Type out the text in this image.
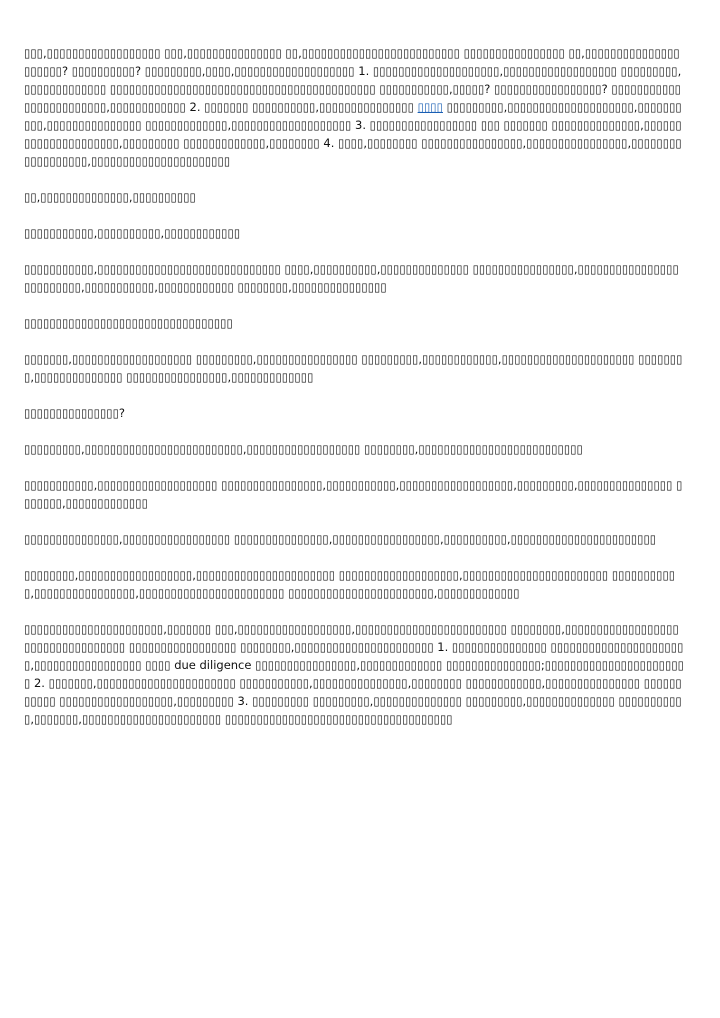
▯▯▯,▯▯▯▯▯▯▯▯▯▯▯▯▯▯▯▯▯▯ ▯▯▯,▯▯▯▯▯▯▯▯▯▯▯▯▯▯▯ ▯▯,▯▯▯▯▯▯▯▯▯▯▯▯▯▯▯▯▯▯▯▯▯▯▯▯▯ ▯▯▯▯▯▯▯▯▯▯▯▯▯▯▯▯ ▯▯,▯▯▯▯▯▯▯▯▯▯▯▯▯▯▯▯▯▯▯▯▯? ▯▯▯▯▯▯▯▯▯▯? ▯▯▯▯▯▯▯▯▯,▯▯▯▯,▯▯▯▯▯▯▯▯▯▯▯▯▯▯▯▯▯▯▯ 1. ▯▯▯▯▯▯▯▯▯▯▯▯▯▯▯▯▯▯▯▯,▯▯▯▯▯▯▯▯▯▯▯▯▯▯▯▯▯▯ ▯▯▯▯▯▯▯▯▯,▯▯▯▯▯▯▯▯▯▯▯▯▯ ▯▯▯▯▯▯▯▯▯▯▯▯▯▯▯▯▯▯▯▯▯▯▯▯▯▯▯▯▯▯▯▯▯▯▯▯▯▯▯▯▯▯ ▯▯▯▯▯▯▯▯▯▯▯,▯▯▯▯▯? ▯▯▯▯▯▯▯▯▯▯▯▯▯▯▯▯▯? ▯▯▯▯▯▯▯▯▯▯▯▯▯▯▯▯▯▯▯▯▯▯▯▯,▯▯▯▯▯▯▯▯▯▯▯▯ 2. ▯▯▯▯▯▯▯ ▯▯▯▯▯▯▯▯▯▯,▯▯▯▯▯▯▯▯▯▯▯▯▯▯▯ ▯▯▯▯ ▯▯▯▯▯▯▯▯▯,▯▯▯▯▯▯▯▯▯▯▯▯▯▯▯▯▯▯▯▯,▯▯▯▯▯▯▯▯▯▯,▯▯▯▯▯▯▯▯▯▯▯▯▯▯▯ ▯▯▯▯▯▯▯▯▯▯▯▯▯,▯▯▯▯▯▯▯▯▯▯▯▯▯▯▯▯▯▯▯ 3. ▯▯▯▯▯▯▯▯▯▯▯▯▯▯▯▯▯ ▯▯▯ ▯▯▯▯▯▯▯ ▯▯▯▯▯▯▯▯▯▯▯▯▯▯,▯▯▯▯▯▯▯▯▯▯▯▯▯▯▯▯▯▯▯▯▯,▯▯▯▯▯▯▯▯▯ ▯▯▯▯▯▯▯▯▯▯▯▯▯,▯▯▯▯▯▯▯▯ 4. ▯▯▯▯,▯▯▯▯▯▯▯▯ ▯▯▯▯▯▯▯▯▯▯▯▯▯▯▯▯,▯▯▯▯▯▯▯▯▯▯▯▯▯▯▯▯,▯▯▯▯▯▯▯▯▯▯▯▯▯▯▯▯▯▯,▯▯▯▯▯▯▯▯▯▯▯▯▯▯▯▯▯▯▯▯▯▯

▯▯,▯▯▯▯▯▯▯▯▯▯▯▯▯▯,▯▯▯▯▯▯▯▯▯▯

▯▯▯▯▯▯▯▯▯▯▯,▯▯▯▯▯▯▯▯▯▯,▯▯▯▯▯▯▯▯▯▯▯▯

▯▯▯▯▯▯▯▯▯▯▯,▯▯▯▯▯▯▯▯▯▯▯▯▯▯▯▯▯▯▯▯▯▯▯▯▯▯▯▯▯ ▯▯▯▯,▯▯▯▯▯▯▯▯▯▯,▯▯▯▯▯▯▯▯▯▯▯▯▯▯ ▯▯▯▯▯▯▯▯▯▯▯▯▯▯▯▯,▯▯▯▯▯▯▯▯▯▯▯▯▯▯▯▯▯▯▯▯▯▯▯▯▯,▯▯▯▯▯▯▯▯▯▯▯,▯▯▯▯▯▯▯▯▯▯▯▯ ▯▯▯▯▯▯▯▯,▯▯▯▯▯▯▯▯▯▯▯▯▯▯▯

▯▯▯▯▯▯▯▯▯▯▯▯▯▯▯▯▯▯▯▯▯▯▯▯▯▯▯▯▯▯▯▯▯

▯▯▯▯▯▯▯,▯▯▯▯▯▯▯▯▯▯▯▯▯▯▯▯▯▯▯ ▯▯▯▯▯▯▯▯▯,▯▯▯▯▯▯▯▯▯▯▯▯▯▯▯▯ ▯▯▯▯▯▯▯▯▯,▯▯▯▯▯▯▯▯▯▯▯▯,▯▯▯▯▯▯▯▯▯▯▯▯▯▯▯▯▯▯▯▯▯ ▯▯▯▯▯▯▯▯,▯▯▯▯▯▯▯▯▯▯▯▯▯▯ ▯▯▯▯▯▯▯▯▯▯▯▯▯▯▯▯,▯▯▯▯▯▯▯▯▯▯▯▯▯

▯▯▯▯▯▯▯▯▯▯▯▯▯▯▯?

▯▯▯▯▯▯▯▯▯,▯▯▯▯▯▯▯▯▯▯▯▯▯▯▯▯▯▯▯▯▯▯▯▯▯,▯▯▯▯▯▯▯▯▯▯▯▯▯▯▯▯▯▯ ▯▯▯▯▯▯▯▯,▯▯▯▯▯▯▯▯▯▯▯▯▯▯▯▯▯▯▯▯▯▯▯▯▯▯

▯▯▯▯▯▯▯▯▯▯▯,▯▯▯▯▯▯▯▯▯▯▯▯▯▯▯▯▯▯▯ ▯▯▯▯▯▯▯▯▯▯▯▯▯▯▯▯,▯▯▯▯▯▯▯▯▯▯▯,▯▯▯▯▯▯▯▯▯▯▯▯▯▯▯▯▯▯,▯▯▯▯▯▯▯▯▯,▯▯▯▯▯▯▯▯▯▯▯▯▯▯▯ ▯▯▯▯▯▯▯,▯▯▯▯▯▯▯▯▯▯▯▯▯

▯▯▯▯▯▯▯▯▯▯▯▯▯▯▯,▯▯▯▯▯▯▯▯▯▯▯▯▯▯▯▯▯ ▯▯▯▯▯▯▯▯▯▯▯▯▯▯▯,▯▯▯▯▯▯▯▯▯▯▯▯▯▯▯▯▯,▯▯▯▯▯▯▯▯▯▯,▯▯▯▯▯▯▯▯▯▯▯▯▯▯▯▯▯▯▯▯▯▯▯

▯▯▯▯▯▯▯▯,▯▯▯▯▯▯▯▯▯▯▯▯▯▯▯▯▯▯,▯▯▯▯▯▯▯▯▯▯▯▯▯▯▯▯▯▯▯▯▯▯ ▯▯▯▯▯▯▯▯▯▯▯▯▯▯▯▯▯▯▯,▯▯▯▯▯▯▯▯▯▯▯▯▯▯▯▯▯▯▯▯▯▯▯ ▯▯▯▯▯▯▯▯▯▯▯,▯▯▯▯▯▯▯▯▯▯▯▯▯▯▯▯,▯▯▯▯▯▯▯▯▯▯▯▯▯▯▯▯▯▯▯▯▯▯▯ ▯▯▯▯▯▯▯▯▯▯▯▯▯▯▯▯▯▯▯▯▯▯▯,▯▯▯▯▯▯▯▯▯▯▯▯▯

▯▯▯▯▯▯▯▯▯▯▯▯▯▯▯▯▯▯▯▯▯▯,▯▯▯▯▯▯▯ ▯▯▯,▯▯▯▯▯▯▯▯▯▯▯▯▯▯▯▯▯▯,▯▯▯▯▯▯▯▯▯▯▯▯▯▯▯▯▯▯▯▯▯▯▯▯ ▯▯▯▯▯▯▯▯,▯▯▯▯▯▯▯▯▯▯▯▯▯▯▯▯▯▯▯▯▯▯▯▯▯▯▯▯▯▯▯▯▯▯ ▯▯▯▯▯▯▯▯▯▯▯▯▯▯▯▯▯ ▯▯▯▯▯▯▯▯,▯▯▯▯▯▯▯▯▯▯▯▯▯▯▯▯▯▯▯▯▯▯ 1. ▯▯▯▯▯▯▯▯▯▯▯▯▯▯▯ ▯▯▯▯▯▯▯▯▯▯▯▯▯▯▯▯▯▯▯▯▯▯,▯▯▯▯▯▯▯▯▯▯▯▯▯▯▯▯▯ ▯▯▯▯ due diligence ▯▯▯▯▯▯▯▯▯▯▯▯▯▯▯▯,▯▯▯▯▯▯▯▯▯▯▯▯▯ ▯▯▯▯▯▯▯▯▯▯▯▯▯▯▯;▯▯▯▯▯▯▯▯▯▯▯▯▯▯▯▯▯▯▯▯▯▯▯ 2. ▯▯▯▯▯▯▯,▯▯▯▯▯▯▯▯▯▯▯▯▯▯▯▯▯▯▯▯▯▯ ▯▯▯▯▯▯▯▯▯▯▯,▯▯▯▯▯▯▯▯▯▯▯▯▯▯▯,▯▯▯▯▯▯▯▯ ▯▯▯▯▯▯▯▯▯▯▯▯,▯▯▯▯▯▯▯▯▯▯▯▯▯▯▯ ▯▯▯▯▯▯▯▯▯▯▯ ▯▯▯▯▯▯▯▯▯▯▯▯▯▯▯▯▯▯,▯▯▯▯▯▯▯▯▯ 3. ▯▯▯▯▯▯▯▯▯ ▯▯▯▯▯▯▯▯▯,▯▯▯▯▯▯▯▯▯▯▯▯▯▯ ▯▯▯▯▯▯▯▯▯,▯▯▯▯▯▯▯▯▯▯▯▯▯▯ ▯▯▯▯▯▯▯▯▯▯▯,▯▯▯▯▯▯▯,▯▯▯▯▯▯▯▯▯▯▯▯▯▯▯▯▯▯▯▯▯▯ ▯▯▯▯▯▯▯▯▯▯▯▯▯▯▯▯▯▯▯▯▯▯▯▯▯▯▯▯▯▯▯▯▯▯▯▯
